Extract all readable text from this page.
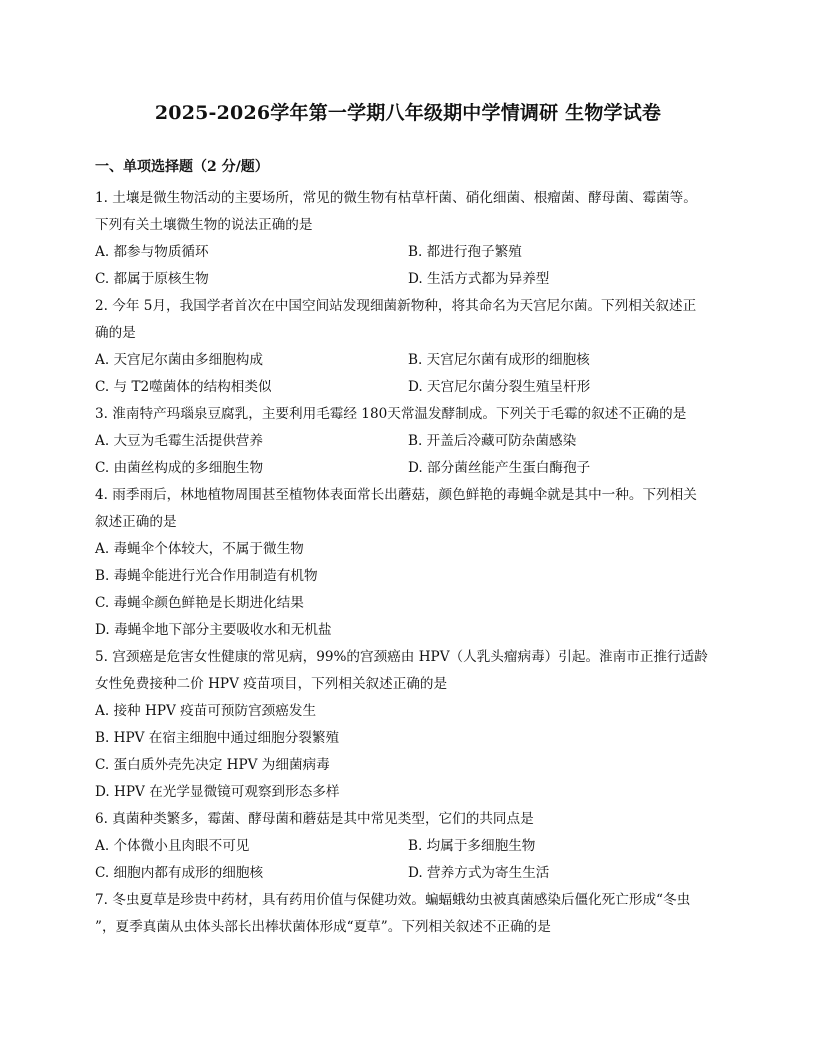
2025-2026学年第一学期八年级期中学情调研 生物学试卷
一、单项选择题（2 分/题）
1. 土壤是微生物活动的主要场所，常见的微生物有枯草杆菌、硝化细菌、根瘤菌、酵母菌、霉菌等。
下列有关土壤微生物的说法正确的是
A. 都参与物质循环	B. 都进行孢子繁殖
C. 都属于原核生物	D. 生活方式都为异养型
2. 今年 5月，我国学者首次在中国空间站发现细菌新物种，将其命名为天宫尼尔菌。下列相关叙述正
确的是
A. 天宫尼尔菌由多细胞构成	B. 天宫尼尔菌有成形的细胞核
C. 与 T2噬菌体的结构相类似	D. 天宫尼尔菌分裂生殖呈杆形
3. 淮南特产玛瑙泉豆腐乳，主要利用毛霉经 180天常温发酵制成。下列关于毛霉的叙述不正确的是
A. 大豆为毛霉生活提供营养	B. 开盖后冷藏可防杂菌感染
C. 由菌丝构成的多细胞生物	D. 部分菌丝能产生蛋白酶孢子
4. 雨季雨后，林地植物周围甚至植物体表面常长出蘑菇，颜色鲜艳的毒蝇伞就是其中一种。下列相关
叙述正确的是
A. 毒蝇伞个体较大，不属于微生物
B. 毒蝇伞能进行光合作用制造有机物
C. 毒蝇伞颜色鲜艳是长期进化结果
D. 毒蝇伞地下部分主要吸收水和无机盐
5. 宫颈癌是危害女性健康的常见病，99%的宫颈癌由 HPV（人乳头瘤病毒）引起。淮南市正推行适龄
女性免费接种二价 HPV 疫苗项目，下列相关叙述正确的是
A. 接种 HPV 疫苗可预防宫颈癌发生
B. HPV 在宿主细胞中通过细胞分裂繁殖
C. 蛋白质外壳先决定 HPV 为细菌病毒
D. HPV 在光学显微镜可观察到形态多样
6. 真菌种类繁多，霉菌、酵母菌和蘑菇是其中常见类型，它们的共同点是
A. 个体微小且肉眼不可见	B. 均属于多细胞生物
C. 细胞内都有成形的细胞核	D. 营养方式为寄生生活
7. 冬虫夏草是珍贵中药材，具有药用价值与保健功效。蝙蝠蛾幼虫被真菌感染后僵化死亡形成“冬虫
”，夏季真菌从虫体头部长出棒状菌体形成“夏草”。下列相关叙述不正确的是
